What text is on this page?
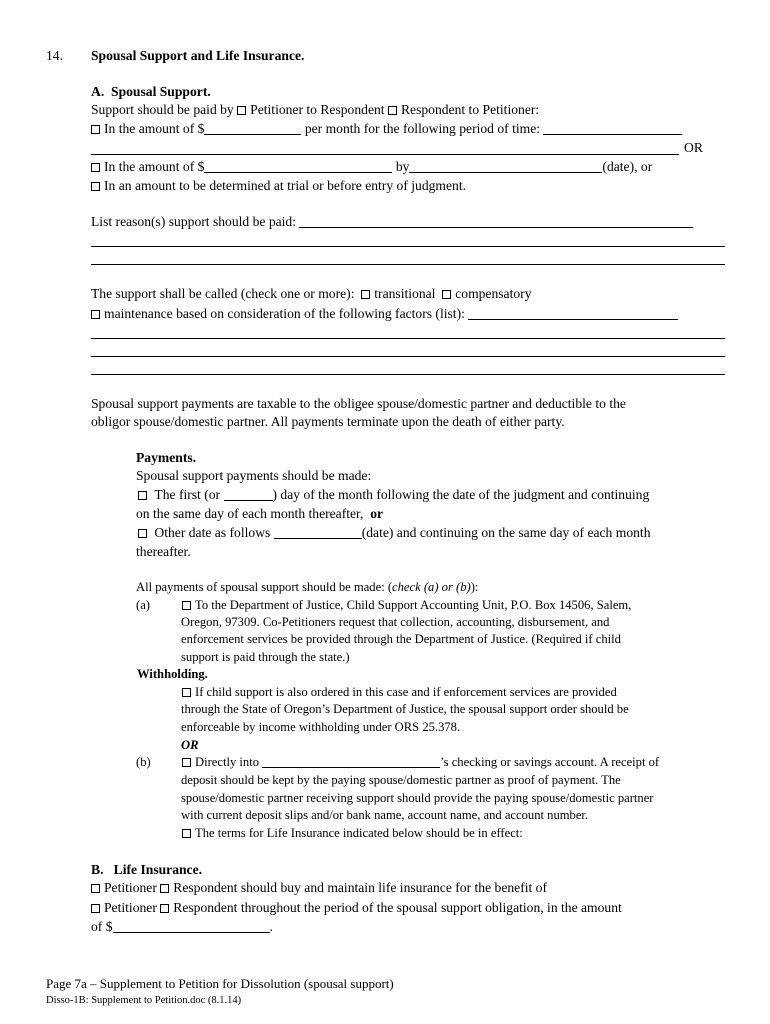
14. Spousal Support and Life Insurance.
A.  Spousal Support.
Support should be paid by Petitioner to Respondent Respondent to Petitioner:
In the amount of $	per month for the following period of time:
OR
In the amount of $	by	(date), or
In an amount to be determined at trial or before entry of judgment.
List reason(s) support should be paid:
The support shall be called (check one or more): transitional compensatory
maintenance based on consideration of the following factors (list):
Spousal support payments are taxable to the obligee spouse/domestic partner and deductible to the
obligor spouse/domestic partner. All payments terminate upon the death of either party.
Payments.
Spousal support payments should be made:
The first (or	) day of the month following the date of the judgment and continuing
on the same day of each month thereafter, or
Other date as follows	(date) and continuing on the same day of each month
thereafter.
All payments of spousal support should be made: (check (a) or (b)):
(a)	To the Department of Justice, Child Support Accounting Unit, P.O. Box 14506, Salem,
Oregon, 97309. Co-Petitioners request that collection, accounting, disbursement, and
enforcement services be provided through the Department of Justice. (Required if child
support is paid through the state.)
Withholding.
If child support is also ordered in this case and if enforcement services are provided
through the State of Oregon’s Department of Justice, the spousal support order should be
enforceable by income withholding under ORS 25.378.
OR
(b)	Directly into	’s checking or savings account. A receipt of
deposit should be kept by the paying spouse/domestic partner as proof of payment. The
spouse/domestic partner receiving support should provide the paying spouse/domestic partner
with current deposit slips and/or bank name, account name, and account number.
The terms for Life Insurance indicated below should be in effect:
B.   Life Insurance.
Petitioner Respondent should buy and maintain life insurance for the benefit of
Petitioner Respondent throughout the period of the spousal support obligation, in the amount
of $	.
Page 7a – Supplement to Petition for Dissolution (spousal support)
Disso-1B: Supplement to Petition.doc (8.1.14)
